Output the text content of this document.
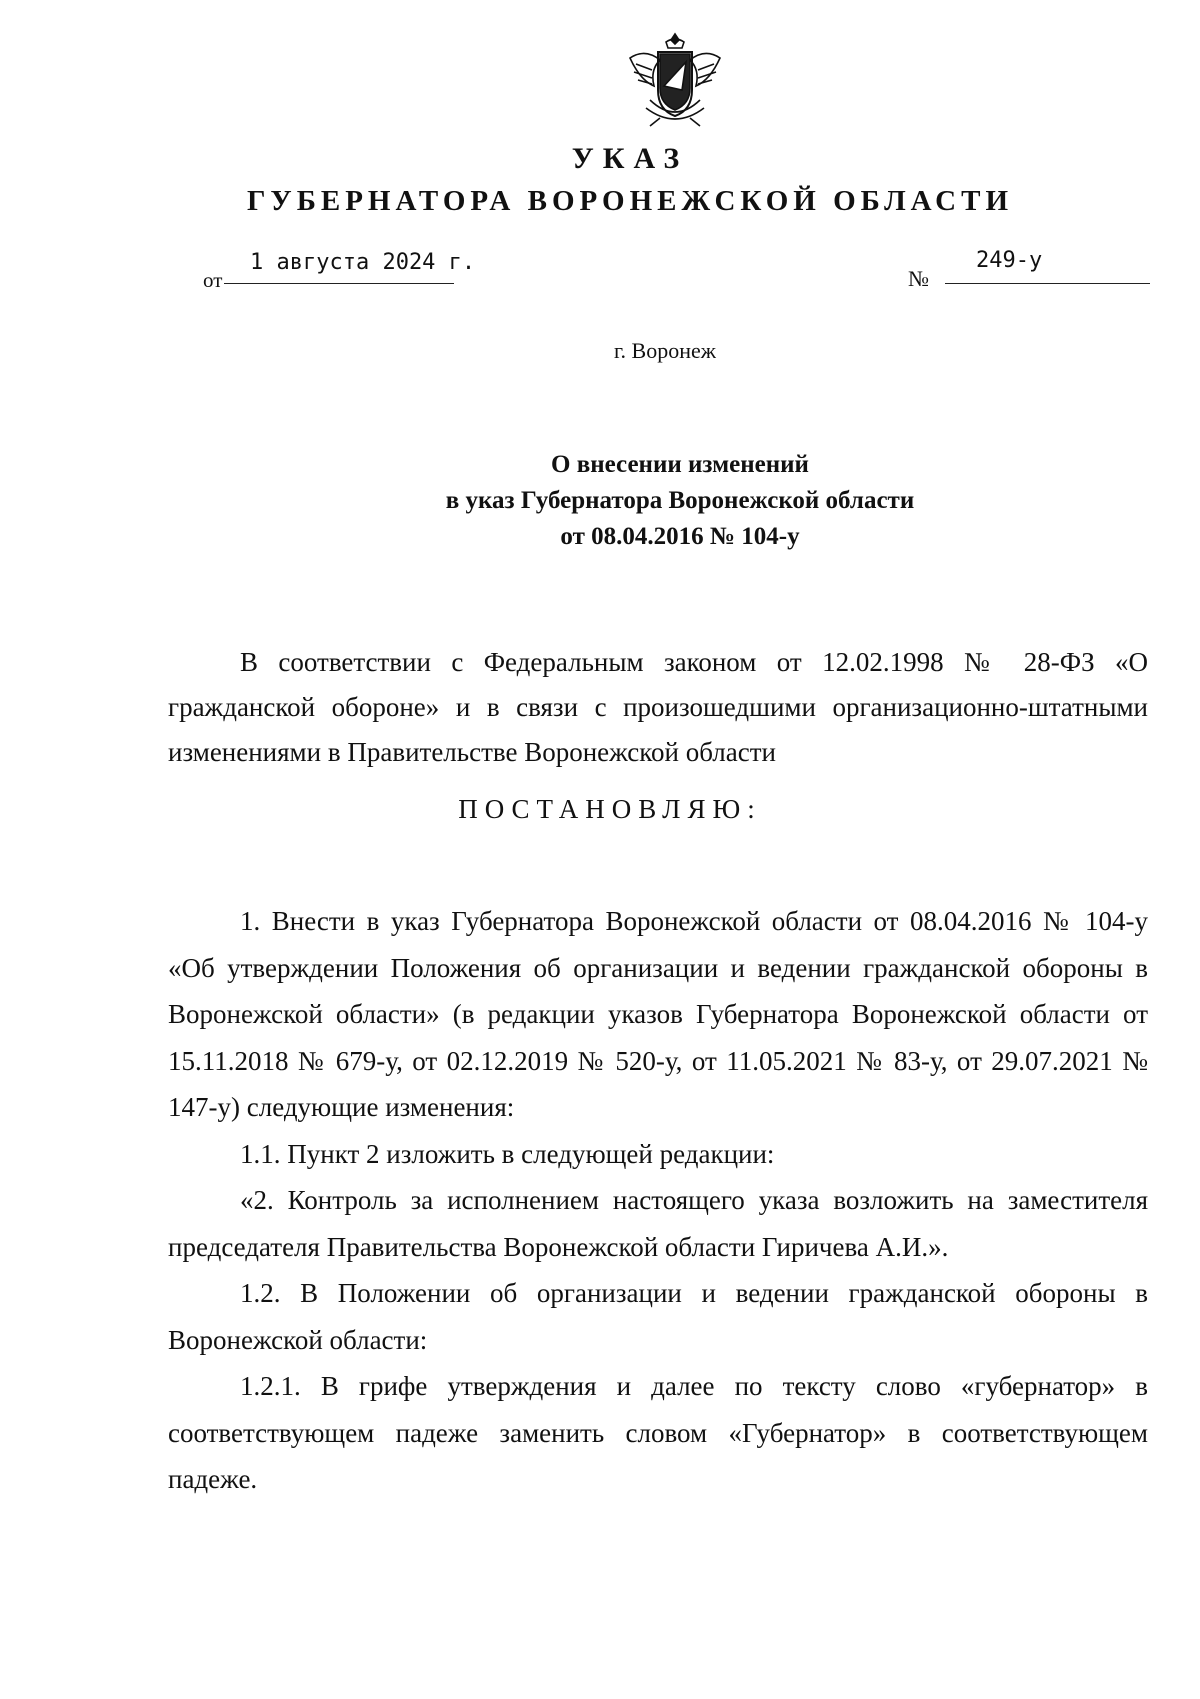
УКАЗ
ГУБЕРНАТОРА ВОРОНЕЖСКОЙ ОБЛАСТИ
от
1 августа 2024 г.
№
249-у
г. Воронеж
О внесении изменений
в указ Губернатора Воронежской области
от 08.04.2016 № 104-у

В соответствии с Федеральным законом от 12.02.1998 № 28-ФЗ «О гражданской обороне» и в связи с произошедшими организационно-штатными изменениями в Правительстве Воронежской области

ПОСТАНОВЛЯЮ:

1. Внести в указ Губернатора Воронежской области от 08.04.2016 № 104-у «Об утверждении Положения об организации и ведении гражданской обороны в Воронежской области» (в редакции указов Губернатора Воронежской области от 15.11.2018 № 679-у, от 02.12.2019 № 520-у, от 11.05.2021 № 83-у, от 29.07.2021 № 147-у) следующие изменения:

1.1. Пункт 2 изложить в следующей редакции:

«2. Контроль за исполнением настоящего указа возложить на заместителя председателя Правительства Воронежской области Гиричева А.И.».

1.2. В Положении об организации и ведении гражданской обороны в Воронежской области:

1.2.1. В грифе утверждения и далее по тексту слово «губернатор» в соответствующем падеже заменить словом «Губернатор» в соответствующем падеже.
